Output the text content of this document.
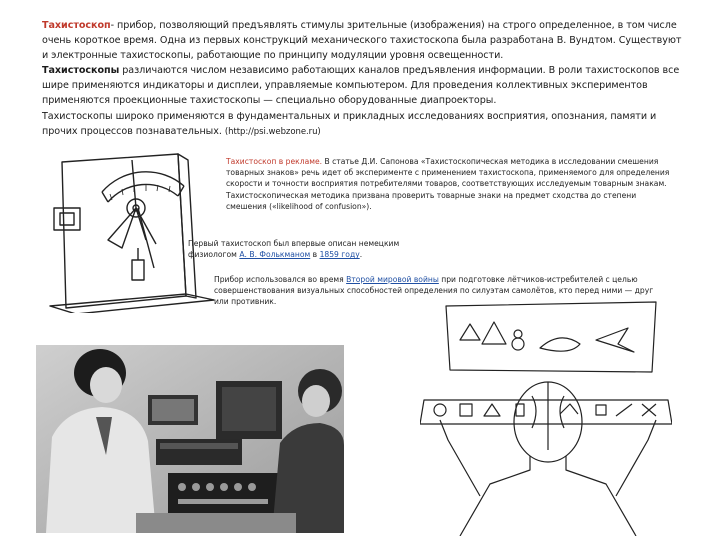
Тахистоскоп- прибор, позволяющий предъявлять стимулы зрительные (изображения) на строго определенное, в том числе очень короткое время. Одна из первых конструкций механического тахистоскопа была разработана В. Вундтом. Существуют и электронные тахистоскопы, работающие по принципу модуляции уровня освещенности.

Тахистоскопы различаются числом независимо работающих каналов предъявления информации. В роли тахистоскопов все шире применяются индикаторы и дисплеи, управляемые компьютером. Для проведения коллективных экспериментов применяются проекционные тахистоскопы — специально оборудованные диапроекторы.

Тахистоскопы широко применяются в фундаментальных и прикладных исследованиях восприятия, опознания, памяти и прочих процессов познавательных. (http://psi.webzone.ru)

Тахистоскоп в рекламе. В статье Д.И. Сапонова «Тахистоскопическая методика в исследовании смешения товарных знаков» речь идет об эксперименте с применением тахистоскопа, применяемого для определения скорости и точности восприятия потребителями товаров, соответствующих исследуемым товарным знакам. Тахистоскопическая методика призвана проверить товарные знаки на предмет сходства до степени смешения («likelihood of confusion»).
Первый тахистоскоп был впервые описан немецким физиологом А. В. Фолькманом в 1859 году.
Прибор использовался во время Второй мировой войны при подготовке лётчиков-истребителей с целью совершенствования визуальных способностей определения по силуэтам самолётов, кто перед ними — друг или противник.
